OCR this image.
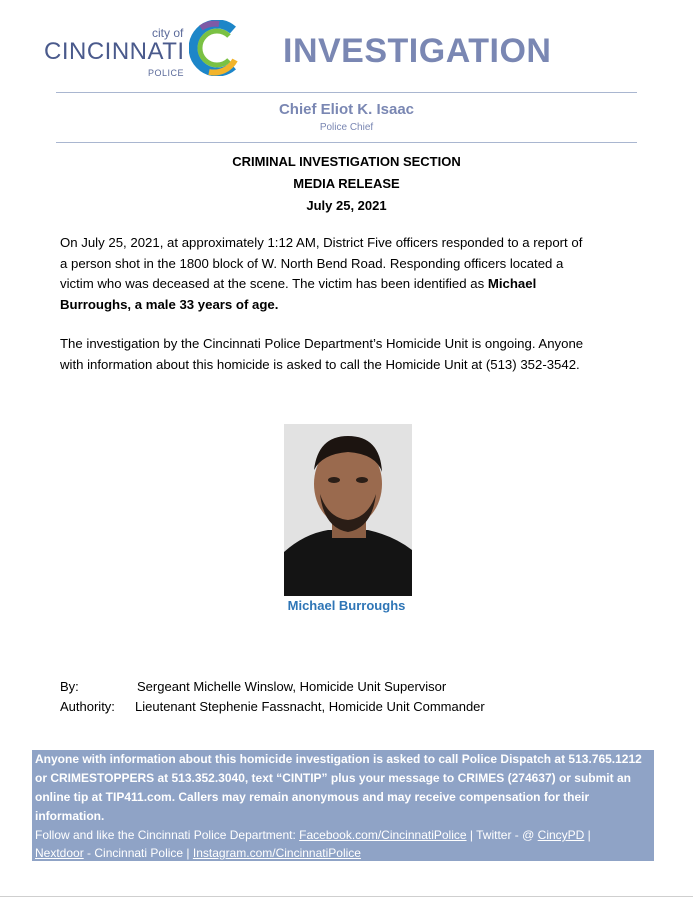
city of
CINCINNATI
POLICE
INVESTIGATION
Chief Eliot K. Isaac
Police Chief
CRIMINAL INVESTIGATION SECTION
MEDIA RELEASE
July 25, 2021
On July 25, 2021, at approximately 1:12 AM, District Five officers responded to a report of
a person shot in the 1800 block of W. North Bend Road. Responding officers located a
victim who was deceased at the scene. The victim has been identified as Michael
Burroughs, a male 33 years of age.
The investigation by the Cincinnati Police Department’s Homicide Unit is ongoing. Anyone
with information about this homicide is asked to call the Homicide Unit at (513) 352-3542.
Michael Burroughs
By:	Sergeant Michelle Winslow, Homicide Unit Supervisor
Authority:	Lieutenant Stephenie Fassnacht, Homicide Unit Commander

Anyone with information about this homicide investigation is asked to call Police Dispatch at 513.765.1212

or CRIMESTOPPERS at 513.352.3040, text “CINTIP” plus your message to CRIMES (274637) or submit an

online tip at TIP411.com. Callers may remain anonymous and may receive compensation for their

information.

Follow and like the Cincinnati Police Department: Facebook.com/CincinnatiPolice | Twitter - @ CincyPD |

Nextdoor - Cincinnati Police | Instagram.com/CincinnatiPolice
